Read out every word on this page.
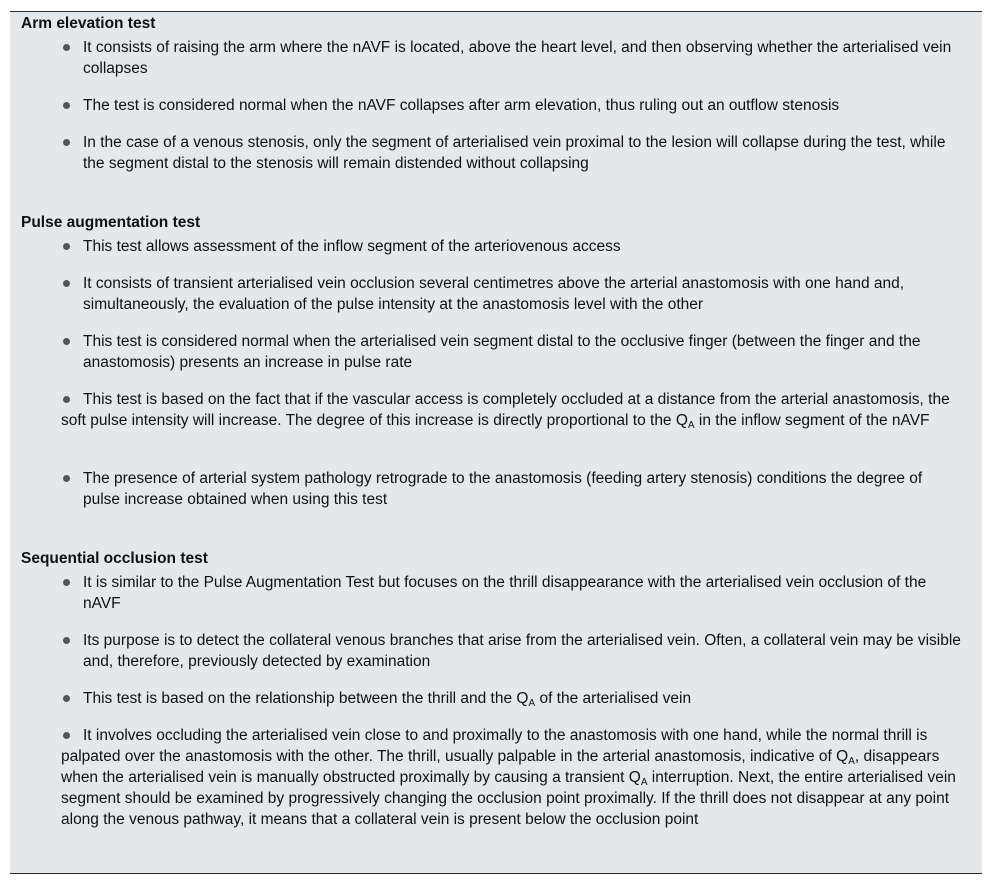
Arm elevation test
It consists of raising the arm where the nAVF is located, above the heart level, and then observing whether the arterialised vein collapses
The test is considered normal when the nAVF collapses after arm elevation, thus ruling out an outflow stenosis
In the case of a venous stenosis, only the segment of arterialised vein proximal to the lesion will collapse during the test, while the segment distal to the stenosis will remain distended without collapsing
Pulse augmentation test
This test allows assessment of the inflow segment of the arteriovenous access
It consists of transient arterialised vein occlusion several centimetres above the arterial anastomosis with one hand and, simultaneously, the evaluation of the pulse intensity at the anastomosis level with the other
This test is considered normal when the arterialised vein segment distal to the occlusive finger (between the finger and the anastomosis) presents an increase in pulse rate
This test is based on the fact that if the vascular access is completely occluded at a distance from the arterial anastomosis, the soft pulse intensity will increase. The degree of this increase is directly proportional to the $Q_A$ in the inflow segment of the nAVF
The presence of arterial system pathology retrograde to the anastomosis (feeding artery stenosis) conditions the degree of pulse increase obtained when using this test
Sequential occlusion test
It is similar to the Pulse Augmentation Test but focuses on the thrill disappearance with the arterialised vein occlusion of the nAVF
Its purpose is to detect the collateral venous branches that arise from the arterialised vein. Often, a collateral vein may be visible and, therefore, previously detected by examination
This test is based on the relationship between the thrill and the $Q_A$ of the arterialised vein
It involves occluding the arterialised vein close to and proximally to the anastomosis with one hand, while the normal thrill is palpated over the anastomosis with the other. The thrill, usually palpable in the arterial anastomosis, indicative of $Q_A$, disappears when the arterialised vein is manually obstructed proximally by causing a transient $Q_A$ interruption. Next, the entire arterialised vein segment should be examined by progressively changing the occlusion point proximally. If the thrill does not disappear at any point along the venous pathway, it means that a collateral vein is present below the occlusion point
